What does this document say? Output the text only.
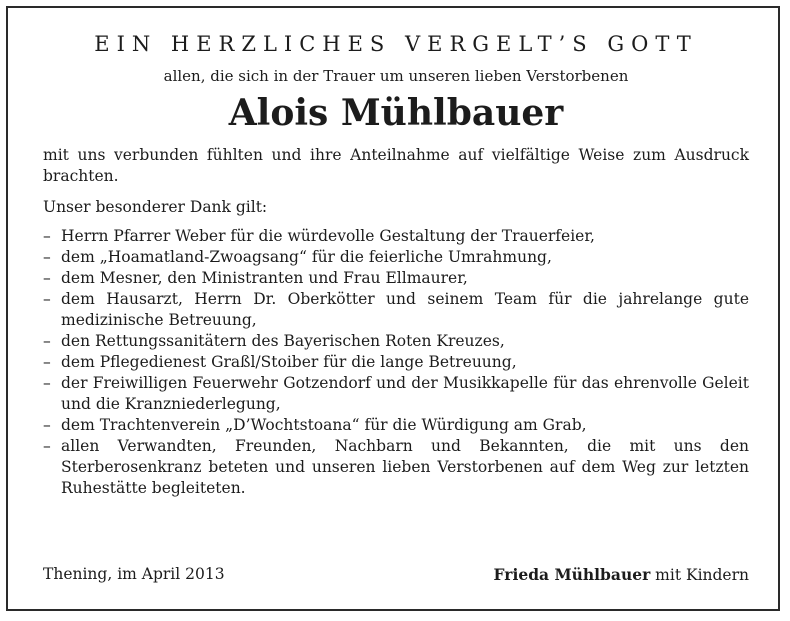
EIN HERZLICHES VERGELT’S GOTT
allen, die sich in der Trauer um unseren lieben Verstorbenen
Alois Mühlbauer
mit uns verbunden fühlten und ihre Anteilnahme auf vielfältige Weise zum Ausdruck brachten.
Unser besonderer Dank gilt:
– Herrn Pfarrer Weber für die würdevolle Gestaltung der Trauerfeier,
– dem „Hoamatland-Zwoagsang“ für die feierliche Umrahmung,
– dem Mesner, den Ministranten und Frau Ellmaurer,
– dem Hausarzt, Herrn Dr. Oberkötter und seinem Team für die jahrelange gute medizinische Betreuung,
– den Rettungssanitätern des Bayerischen Roten Kreuzes,
– dem Pflegedienest Graßl/Stoiber für die lange Betreuung,
– der Freiwilligen Feuerwehr Gotzendorf und der Musikkapelle für das ehrenvolle Geleit und die Kranzniederlegung,
– dem Trachtenverein „D’Wochtstoana“ für die Würdigung am Grab,
– allen Verwandten, Freunden, Nachbarn und Bekannten, die mit uns den Sterberosenkranz beteten und unseren lieben Verstorbenen auf dem Weg zur letzten Ruhestätte begleiteten.
Thening, im April 2013	Frieda Mühlbauer mit Kindern
